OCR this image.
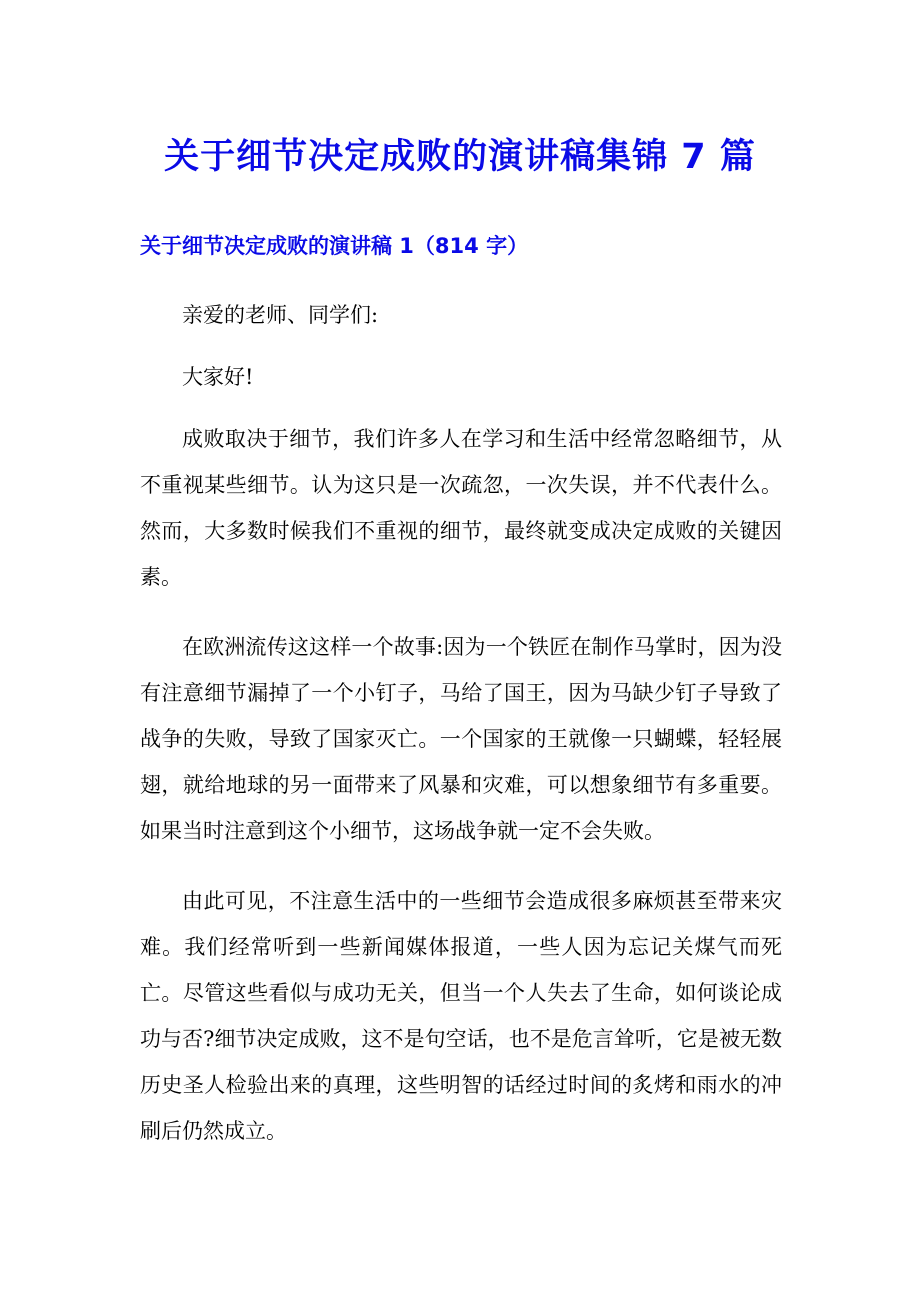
关于细节决定成败的演讲稿集锦 7 篇
关于细节决定成败的演讲稿 1（814 字）

亲爱的老师、同学们:

大家好!

成败取决于细节，我们许多人在学习和生活中经常忽略细节，从不重视某些细节。认为这只是一次疏忽，一次失误，并不代表什么。然而，大多数时候我们不重视的细节，最终就变成决定成败的关键因素。

在欧洲流传这这样一个故事:因为一个铁匠在制作马掌时，因为没有注意细节漏掉了一个小钉子，马给了国王，因为马缺少钉子导致了战争的失败，导致了国家灭亡。一个国家的王就像一只蝴蝶，轻轻展翅，就给地球的另一面带来了风暴和灾难，可以想象细节有多重要。如果当时注意到这个小细节，这场战争就一定不会失败。

由此可见，不注意生活中的一些细节会造成很多麻烦甚至带来灾难。我们经常听到一些新闻媒体报道，一些人因为忘记关煤气而死亡。尽管这些看似与成功无关，但当一个人失去了生命，如何谈论成功与否?细节决定成败，这不是句空话，也不是危言耸听，它是被无数历史圣人检验出来的真理，这些明智的话经过时间的炙烤和雨水的冲刷后仍然成立。
